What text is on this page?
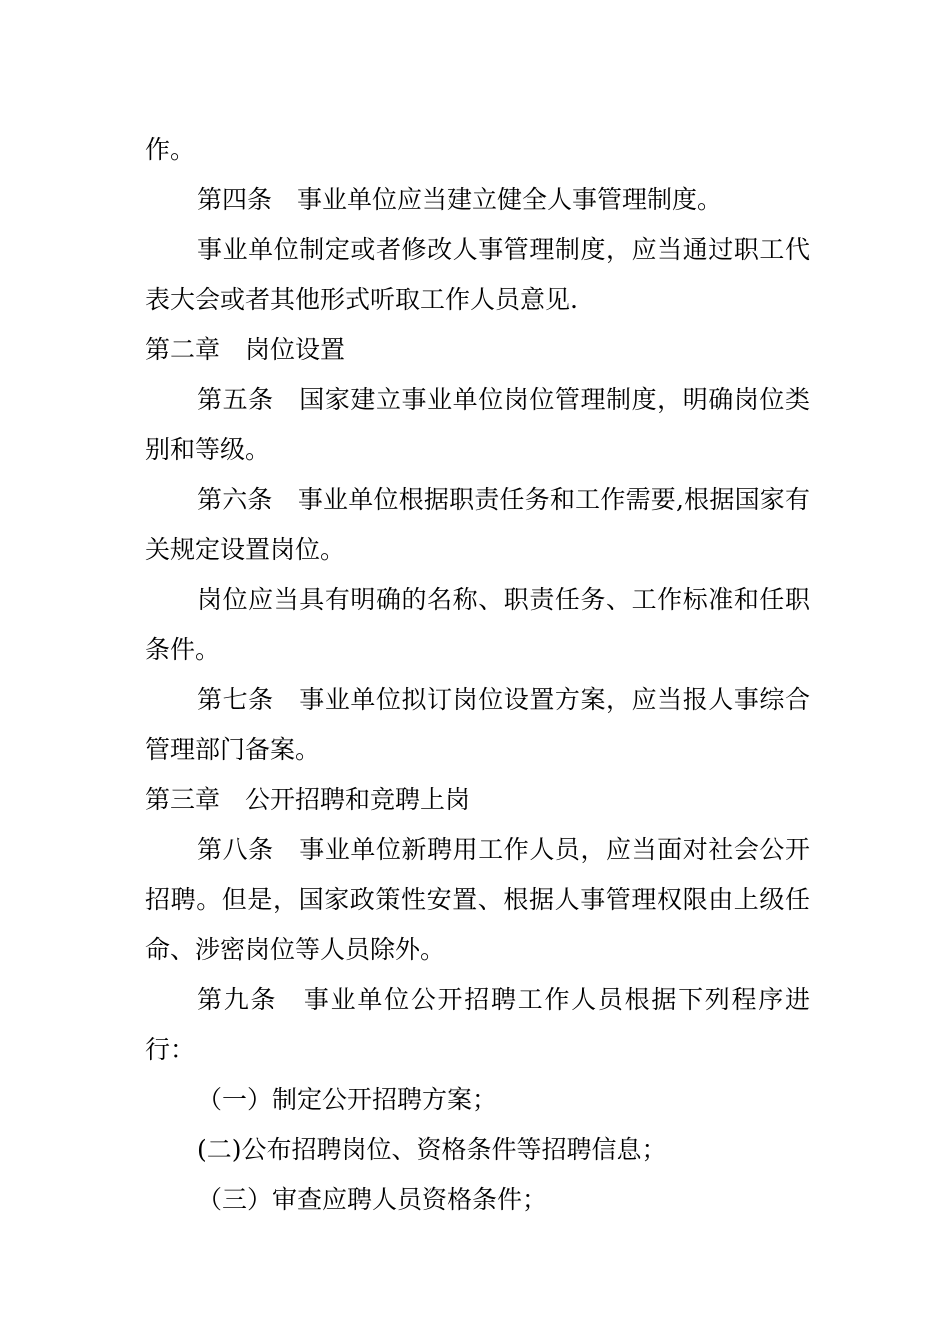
作。

第四条　事业单位应当建立健全人事管理制度。

事业单位制定或者修改人事管理制度，应当通过职工代表大会或者其他形式听取工作人员意见.

第二章　岗位设置

第五条　国家建立事业单位岗位管理制度，明确岗位类别和等级。

第六条　事业单位根据职责任务和工作需要,根据国家有关规定设置岗位。

岗位应当具有明确的名称、职责任务、工作标准和任职条件。

第七条　事业单位拟订岗位设置方案，应当报人事综合管理部门备案。

第三章　公开招聘和竞聘上岗

第八条　事业单位新聘用工作人员，应当面对社会公开招聘。但是，国家政策性安置、根据人事管理权限由上级任命、涉密岗位等人员除外。

第九条　事业单位公开招聘工作人员根据下列程序进行：

（一）制定公开招聘方案；

(二)公布招聘岗位、资格条件等招聘信息；

（三）审查应聘人员资格条件；
